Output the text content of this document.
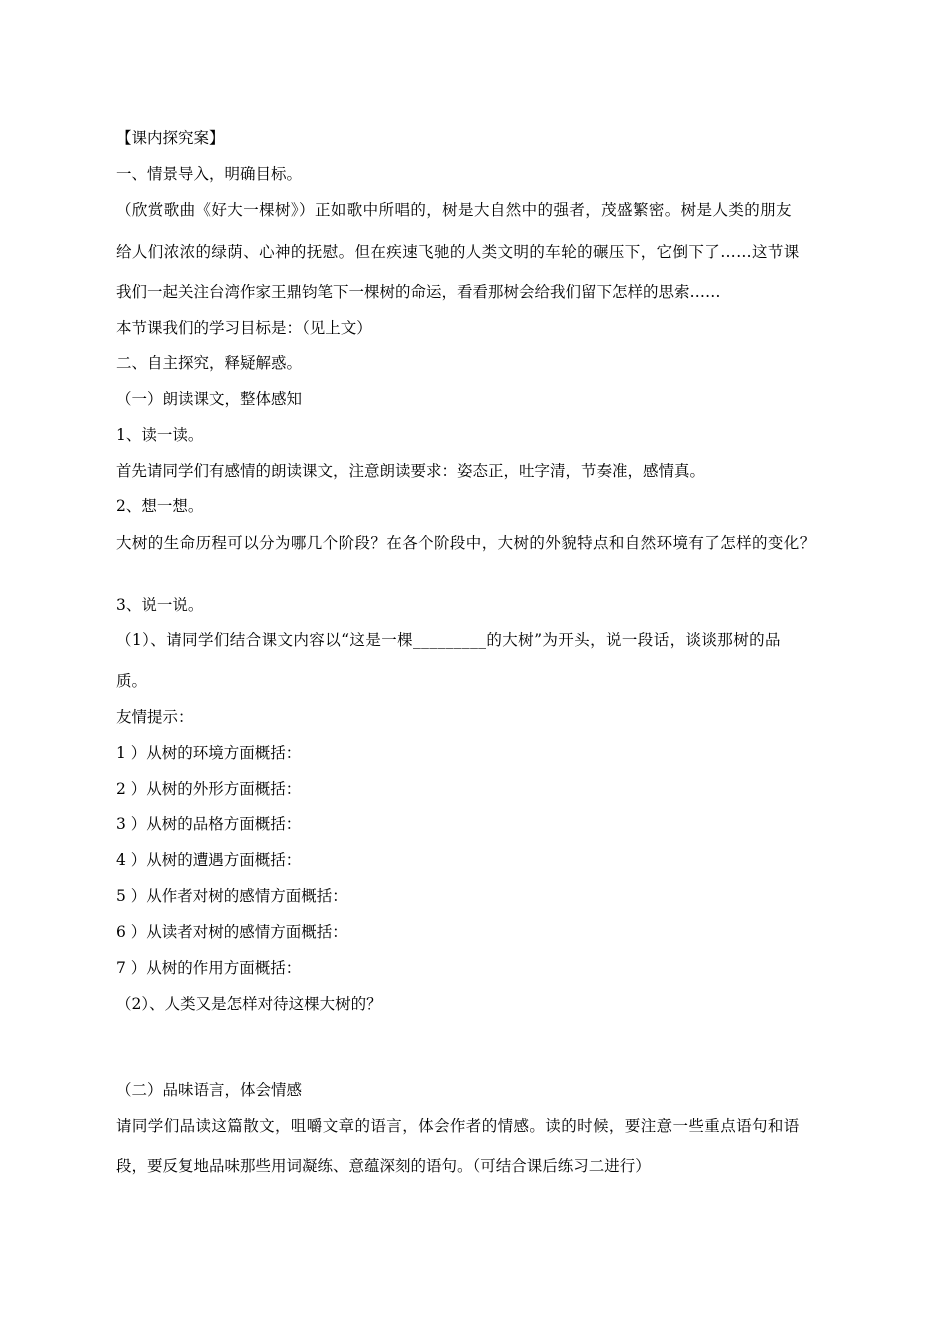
【课内探究案】
一、情景导入，明确目标。
（欣赏歌曲《好大一棵树》）正如歌中所唱的，树是大自然中的强者，茂盛繁密。树是人类的朋友
给人们浓浓的绿荫、心神的抚慰。但在疾速飞驰的人类文明的车轮的碾压下，它倒下了……这节课
我们一起关注台湾作家王鼎钧笔下一棵树的命运，看看那树会给我们留下怎样的思索……
本节课我们的学习目标是：（见上文）
二、自主探究，释疑解惑。
（一）朗读课文，整体感知
1、读一读。
首先请同学们有感情的朗读课文，注意朗读要求：姿态正，吐字清，节奏准，感情真。
2、想一想。
大树的生命历程可以分为哪几个阶段？在各个阶段中，大树的外貌特点和自然环境有了怎样的变化？
3、说一说。
（1）、请同学们结合课文内容以“这是一棵_________的大树”为开头，说一段话，谈谈那树的品
质。
友情提示：
1 ）从树的环境方面概括：
2 ）从树的外形方面概括：
3 ）从树的品格方面概括：
4 ）从树的遭遇方面概括：
5 ）从作者对树的感情方面概括：
6 ）从读者对树的感情方面概括：
7 ）从树的作用方面概括：
（2）、人类又是怎样对待这棵大树的？
（二）品味语言，体会情感
请同学们品读这篇散文，咀嚼文章的语言，体会作者的情感。读的时候，要注意一些重点语句和语
段，要反复地品味那些用词凝练、意蕴深刻的语句。（可结合课后练习二进行）
